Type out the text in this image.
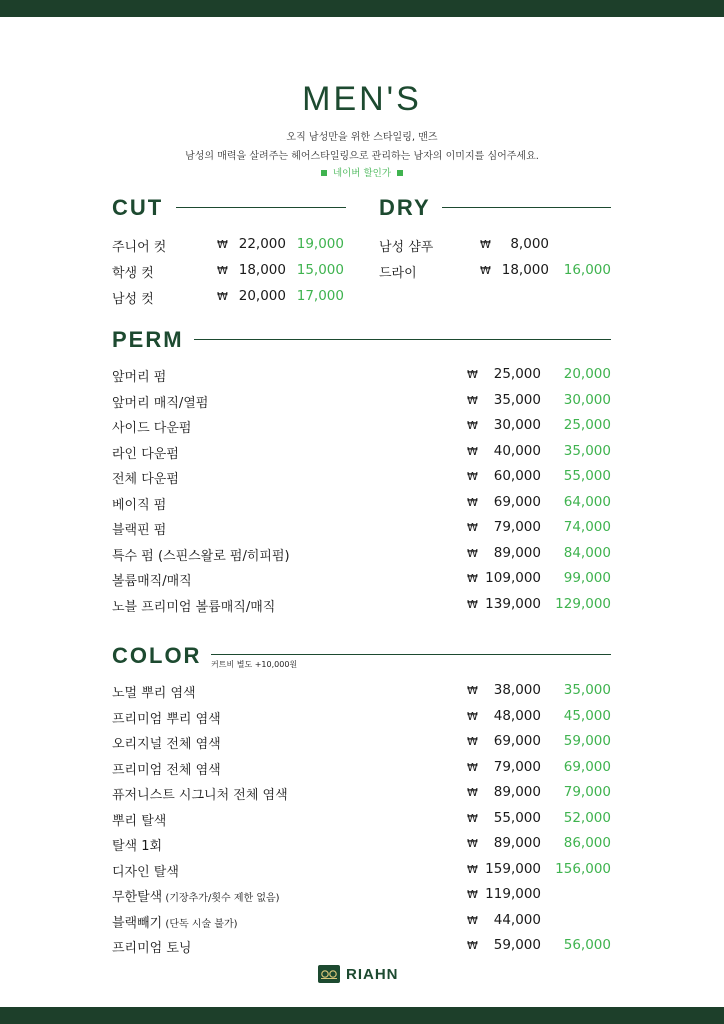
MEN'S
오직 남성만을 위한 스타일링, 맨즈
남성의 매력을 살려주는 헤어스타일링으로 관리하는 남자의 이미지를 심어주세요.
네이버 할인가
CUT
주니어 컷	₩ 22,000 19,000
학생 컷	₩ 18,000 15,000
남성 컷	₩ 20,000 17,000
DRY
남성 샴푸	₩	8,000
드라이	₩ 18,000	16,000
PERM
앞머리 펌	₩	25,000	20,000
앞머리 매직/열펌	₩	35,000	30,000
사이드 다운펌	₩	30,000	25,000
라인 다운펌	₩	40,000	35,000
전체 다운펌	₩	60,000	55,000
베이직 펌	₩	69,000	64,000
블랙핀 펌	₩	79,000	74,000
특수 펌 (스핀스왈로 펌/히피펌)	₩	89,000	84,000
볼륨매직/매직	₩ 109,000	99,000
노블 프리미엄 볼륨매직/매직	₩ 139,000	129,000
COLOR 커트비 별도 +10,000원
노멀 뿌리 염색	₩	38,000	35,000
프리미엄 뿌리 염색	₩	48,000	45,000
오리지널 전체 염색	₩	69,000	59,000
프리미엄 전체 염색	₩	79,000	69,000
퓨저니스트 시그니처 전체 염색	₩	89,000	79,000
뿌리 탈색	₩	55,000	52,000
탈색 1회	₩	89,000	86,000
디자인 탈색	₩ 159,000	156,000
무한탈색 (기장추가/횟수 제한 없음)	₩ 119,000
블랙빼기 (단독 시술 불가)	₩	44,000
프리미엄 토닝	₩	59,000	56,000
RIAHN
